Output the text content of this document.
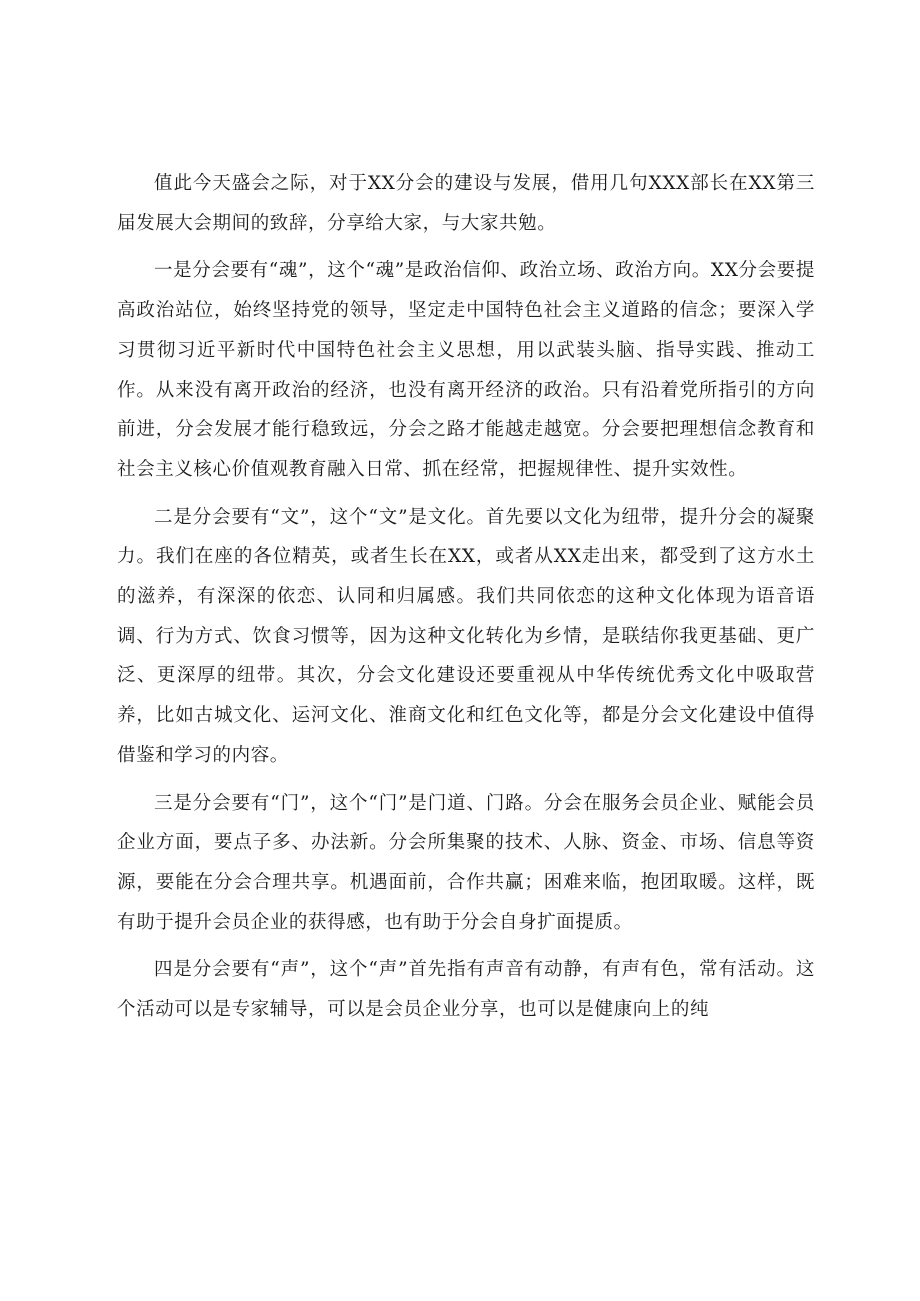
值此今天盛会之际，对于XX分会的建设与发展，借用几句XXX部长在XX第三届发展大会期间的致辞，分享给大家，与大家共勉。

一是分会要有“魂”，这个“魂”是政治信仰、政治立场、政治方向。XX分会要提高政治站位，始终坚持党的领导，坚定走中国特色社会主义道路的信念；要深入学习贯彻习近平新时代中国特色社会主义思想，用以武装头脑、指导实践、推动工作。从来没有离开政治的经济，也没有离开经济的政治。只有沿着党所指引的方向前进，分会发展才能行稳致远，分会之路才能越走越宽。分会要把理想信念教育和社会主义核心价值观教育融入日常、抓在经常，把握规律性、提升实效性。

二是分会要有“文”，这个“文”是文化。首先要以文化为纽带，提升分会的凝聚力。我们在座的各位精英，或者生长在XX，或者从XX走出来，都受到了这方水土的滋养，有深深的依恋、认同和归属感。我们共同依恋的这种文化体现为语音语调、行为方式、饮食习惯等，因为这种文化转化为乡情，是联结你我更基础、更广泛、更深厚的纽带。其次，分会文化建设还要重视从中华传统优秀文化中吸取营养，比如古城文化、运河文化、淮商文化和红色文化等，都是分会文化建设中值得借鉴和学习的内容。

三是分会要有“门”，这个“门”是门道、门路。分会在服务会员企业、赋能会员企业方面，要点子多、办法新。分会所集聚的技术、人脉、资金、市场、信息等资源，要能在分会合理共享。机遇面前，合作共赢；困难来临，抱团取暖。这样，既有助于提升会员企业的获得感，也有助于分会自身扩面提质。

四是分会要有“声”，这个“声”首先指有声音有动静，有声有色，常有活动。这个活动可以是专家辅导，可以是会员企业分享，也可以是健康向上的纯
